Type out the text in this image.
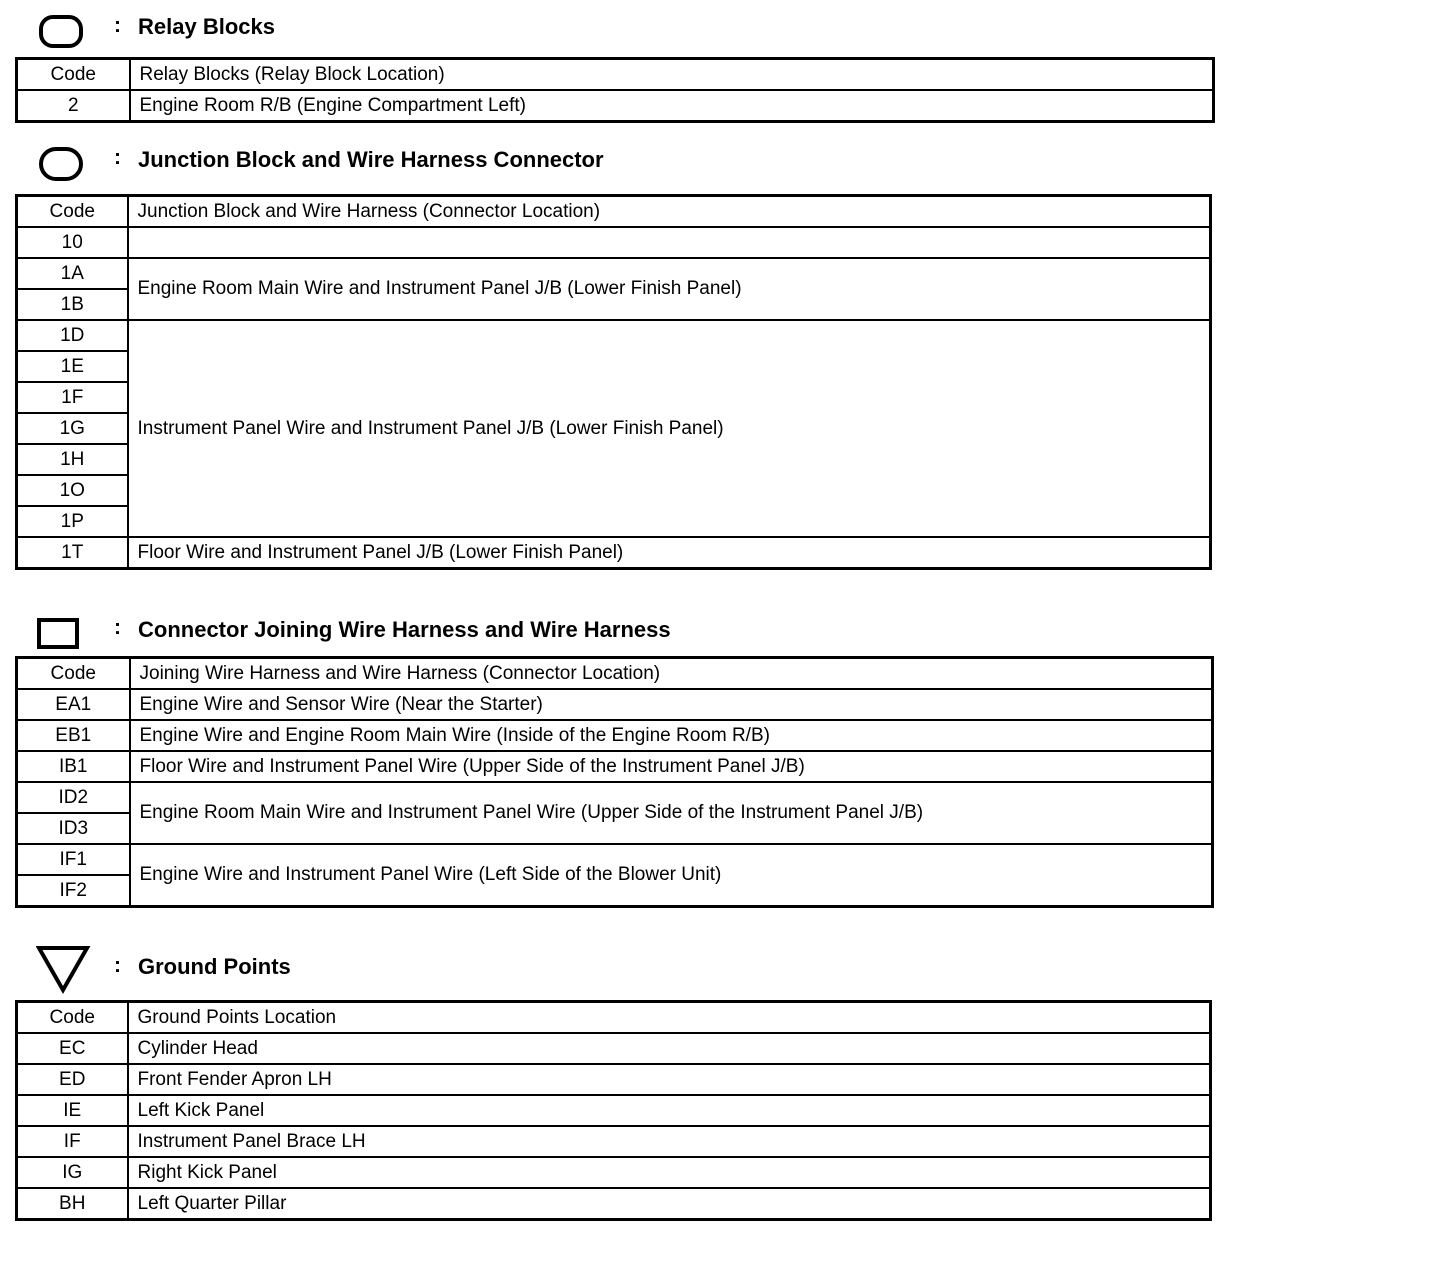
: Relay Blocks
Code	Relay Blocks (Relay Block Location)
2	Engine Room R/B (Engine Compartment Left)
: Junction Block and Wire Harness Connector
Code	Junction Block and Wire Harness (Connector Location)
10	
1A	Engine Room Main Wire and Instrument Panel J/B (Lower Finish Panel)
1B	
1D	Instrument Panel Wire and Instrument Panel J/B (Lower Finish Panel)
1E	
1F	
1G	
1H	
1O	
1P	
1T	Floor Wire and Instrument Panel J/B (Lower Finish Panel)
: Connector Joining Wire Harness and Wire Harness
Code	Joining Wire Harness and Wire Harness (Connector Location)
EA1	Engine Wire and Sensor Wire (Near the Starter)
EB1	Engine Wire and Engine Room Main Wire (Inside of the Engine Room R/B)
IB1	Floor Wire and Instrument Panel Wire (Upper Side of the Instrument Panel J/B)
ID2	Engine Room Main Wire and Instrument Panel Wire (Upper Side of the Instrument Panel J/B)
ID3	
IF1	Engine Wire and Instrument Panel Wire (Left Side of the Blower Unit)
IF2	
: Ground Points
Code	Ground Points Location
EC	Cylinder Head
ED	Front Fender Apron LH
IE	Left Kick Panel
IF	Instrument Panel Brace LH
IG	Right Kick Panel
BH	Left Quarter Pillar
